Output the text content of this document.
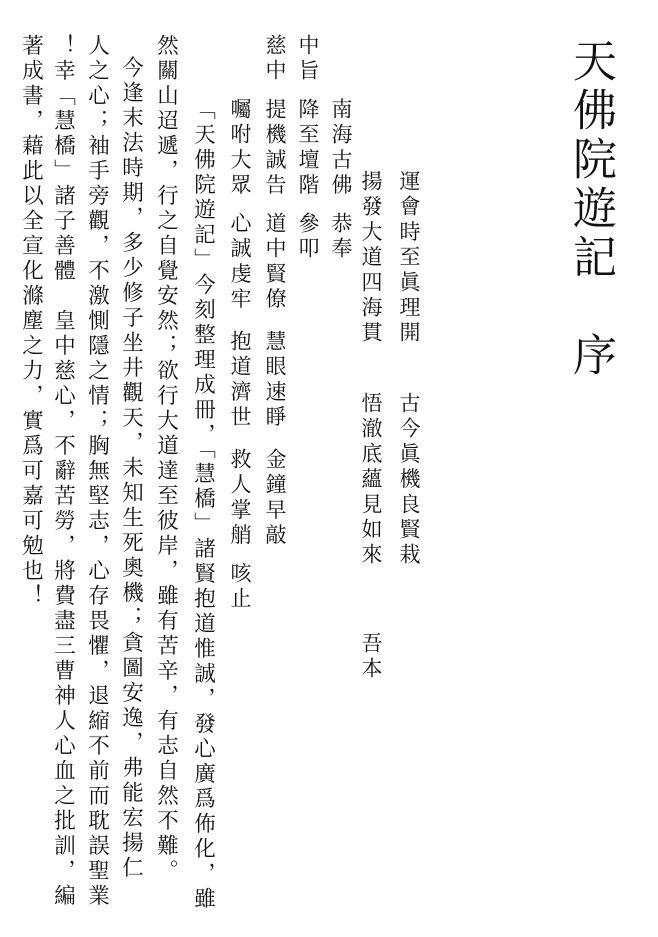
天佛院遊記　序
運會時至眞理開
古今眞機良賢栽
揚發大道四海貫
悟澈底蘊見如來
吾本
南海古佛
恭奉
中旨
降至壇階
參叩
慈中
提機誠告
道中賢僚
慧眼速睜
金鐘早敲
囑咐大眾
心誠虔牢
抱道濟世
救人掌艄
咳止
「天佛院遊記」今刻整理成冊，「慧橋」諸賢抱道惟誠，發心廣爲佈化，雖
然關山迢遞，行之自覺安然；欲行大道達至彼岸，雖有苦辛，有志自然不難。
今逢末法時期，多少修子坐井觀天，未知生死奧機；貪圖安逸，弗能宏揚仁
人之心；袖手旁觀，不激惻隱之情；胸無堅志，心存畏懼，退縮不前而耽誤聖業
！幸「慧橋」諸子善體　皇中慈心，不辭苦勞，將費盡三曹神人心血之批訓，編
著成書，藉此以全宣化滌塵之力，實爲可嘉可勉也！
